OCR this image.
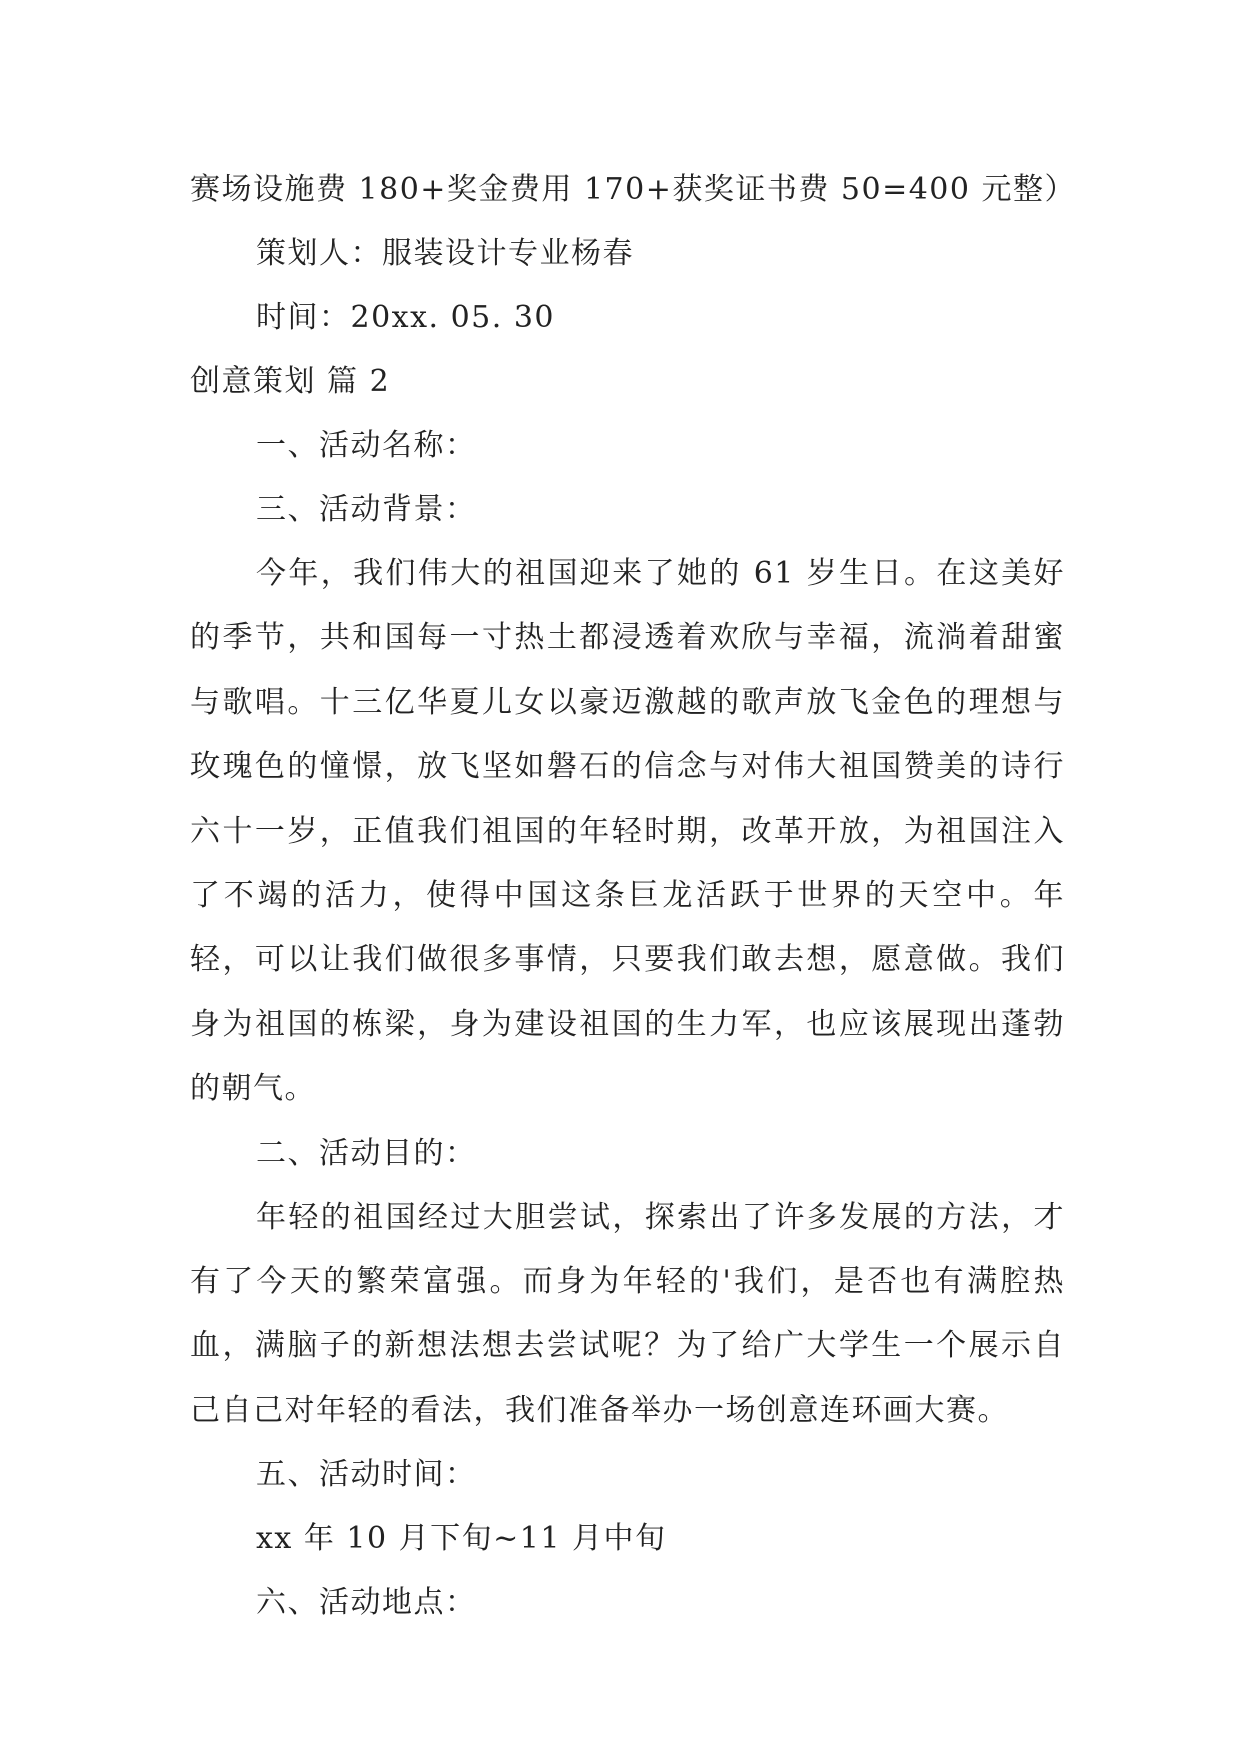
赛场设施费 180+奖金费用 170+获奖证书费 50=400 元整）
策划人：服装设计专业杨春
时间：20xx. 05. 30
创意策划 篇 2
一、活动名称：
三、活动背景：
今年，我们伟大的祖国迎来了她的 61 岁生日。在这美好的季节，共和国每一寸热土都浸透着欢欣与幸福，流淌着甜蜜与歌唱。十三亿华夏儿女以豪迈激越的歌声放飞金色的理想与玫瑰色的憧憬，放飞坚如磐石的信念与对伟大祖国赞美的诗行六十一岁，正值我们祖国的年轻时期，改革开放，为祖国注入了不竭的活力，使得中国这条巨龙活跃于世界的天空中。年轻，可以让我们做很多事情，只要我们敢去想，愿意做。我们身为祖国的栋梁，身为建设祖国的生力军，也应该展现出蓬勃的朝气。
二、活动目的：
年轻的祖国经过大胆尝试，探索出了许多发展的方法，才有了今天的繁荣富强。而身为年轻的'我们，是否也有满腔热血，满脑子的新想法想去尝试呢？为了给广大学生一个展示自己自己对年轻的看法，我们准备举办一场创意连环画大赛。
五、活动时间：
xx 年 10 月下旬~11 月中旬
六、活动地点：
